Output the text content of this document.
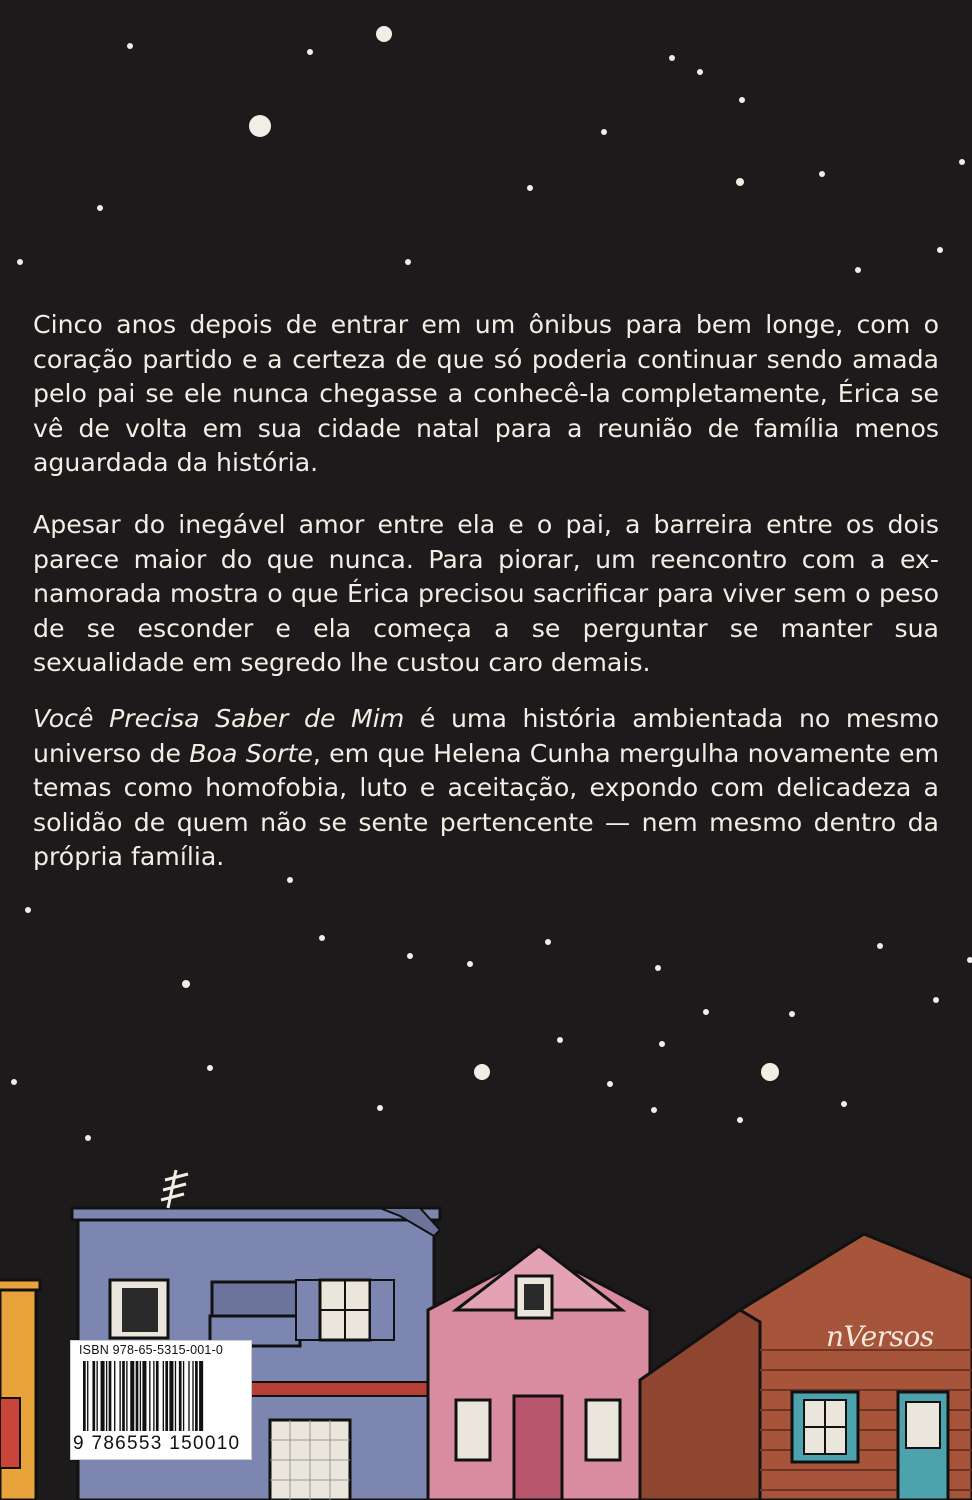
Cinco anos depois de entrar em um ônibus para bem longe, com o coração partido e a certeza de que só poderia continuar sendo amada pelo pai se ele nunca chegasse a conhecê-la completamente, Érica se vê de volta em sua cidade natal para a reunião de família menos aguardada da história.

Apesar do inegável amor entre ela e o pai, a barreira entre os dois parece maior do que nunca. Para piorar, um reencontro com a ex-namorada mostra o que Érica precisou sacrificar para viver sem o peso de se esconder e ela começa a se perguntar se manter sua sexualidade em segredo lhe custou caro demais.

Você Precisa Saber de Mim é uma história ambientada no mesmo universo de Boa Sorte, em que Helena Cunha mergulha novamente em temas como homofobia, luto e aceitação, expondo com delicadeza a solidão de quem não se sente pertencente — nem mesmo dentro da própria família.

ISBN 978-65-5315-001-0
9 786553 150010
nVersos
